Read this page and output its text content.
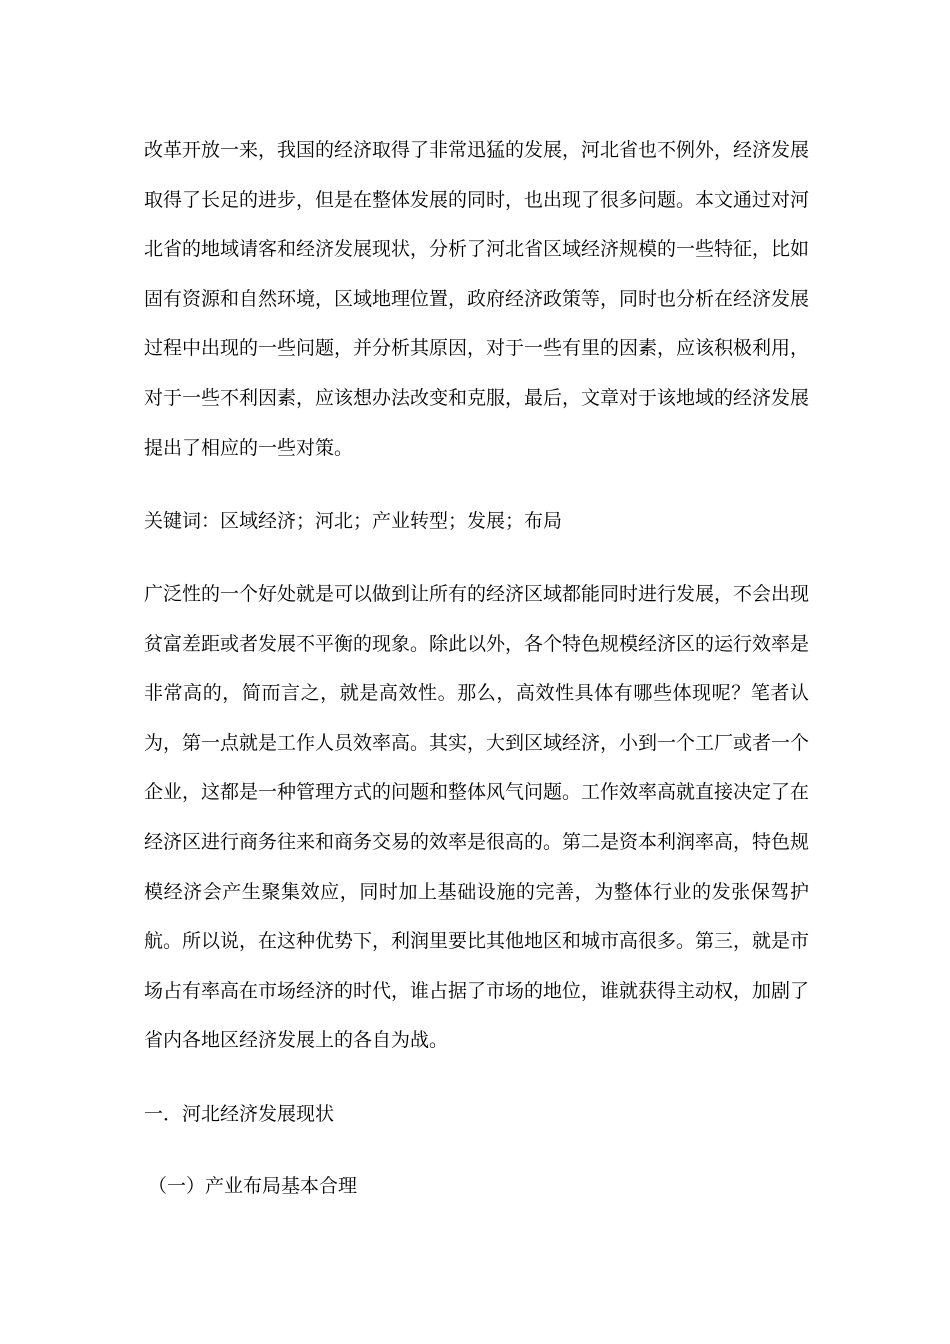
改革开放一来，我国的经济取得了非常迅猛的发展，河北省也不例外，经济发展取得了长足的进步，但是在整体发展的同时，也出现了很多问题。本文通过对河北省的地域请客和经济发展现状，分析了河北省区域经济规模的一些特征，比如固有资源和自然环境，区域地理位置，政府经济政策等，同时也分析在经济发展过程中出现的一些问题，并分析其原因，对于一些有里的因素，应该积极利用，对于一些不利因素，应该想办法改变和克服，最后，文章对于该地域的经济发展提出了相应的一些对策。

关键词：区域经济；河北；产业转型；发展；布局

广泛性的一个好处就是可以做到让所有的经济区域都能同时进行发展，不会出现贫富差距或者发展不平衡的现象。除此以外，各个特色规模经济区的运行效率是非常高的，简而言之，就是高效性。那么，高效性具体有哪些体现呢？笔者认为，第一点就是工作人员效率高。其实，大到区域经济，小到一个工厂或者一个企业，这都是一种管理方式的问题和整体风气问题。工作效率高就直接决定了在经济区进行商务往来和商务交易的效率是很高的。第二是资本利润率高，特色规模经济会产生聚集效应，同时加上基础设施的完善，为整体行业的发张保驾护航。所以说，在这种优势下，利润里要比其他地区和城市高很多。第三，就是市场占有率高在市场经济的时代，谁占据了市场的地位，谁就获得主动权，加剧了省内各地区经济发展上的各自为战。

一．河北经济发展现状

（一）产业布局基本合理
